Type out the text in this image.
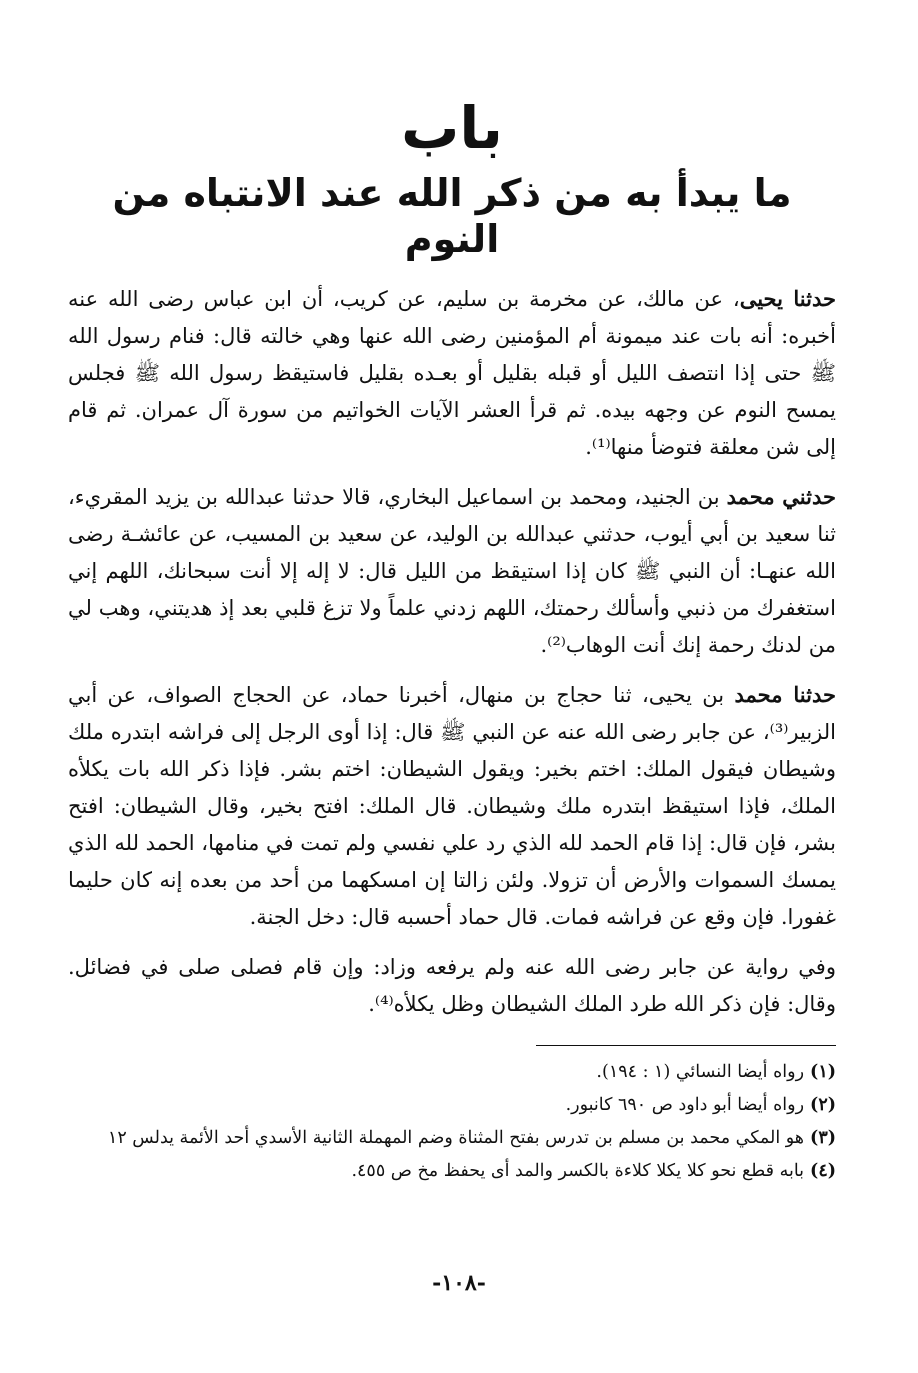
باب
ما يبدأ به من ذكر الله عند الانتباه من النوم

حدثنا يحيى، عن مالك، عن مخرمة بن سليم، عن كريب، أن ابن عباس رضى الله عنه أخبره: أنه بات عند ميمونة أم المؤمنين رضى الله عنها وهي خالته قال: فنام رسول الله ﷺ حتى إذا انتصف الليل أو قبله بقليل أو بعـده بقليل فاستيقظ رسول الله ﷺ فجلس يمسح النوم عن وجهه بيده. ثم قرأ العشر الآيات الخواتيم من سورة آل عمران. ثم قام إلى شن معلقة فتوضأ منها⁽¹⁾.

حدثني محمد بن الجنيد، ومحمد بن اسماعيل البخاري، قالا حدثنا عبدالله بن يزيد المقريء، ثنا سعيد بن أبي أيوب، حدثني عبدالله بن الوليد، عن سعيد بن المسيب، عن عائشـة رضى الله عنهـا: أن النبي ﷺ كان إذا استيقظ من الليل قال: لا إله إلا أنت سبحانك، اللهم إني استغفرك من ذنبي وأسألك رحمتك، اللهم زدني علماً ولا تزغ قلبي بعد إذ هديتني، وهب لي من لدنك رحمة إنك أنت الوهاب⁽²⁾.

حدثنا محمد بن يحيى، ثنا حجاج بن منهال، أخبرنا حماد، عن الحجاج الصواف، عن أبي الزبير⁽³⁾، عن جابر رضى الله عنه عن النبي ﷺ قال: إذا أوى الرجل إلى فراشه ابتدره ملك وشيطان فيقول الملك: اختم بخير: ويقول الشيطان: اختم بشر. فإذا ذكر الله بات يكلأه الملك، فإذا استيقظ ابتدره ملك وشيطان. قال الملك: افتح بخير، وقال الشيطان: افتح بشر، فإن قال: إذا قام الحمد لله الذي رد علي نفسي ولم تمت في منامها، الحمد لله الذي يمسك السموات والأرض أن تزولا. ولئن زالتا إن امسكهما من أحد من بعده إنه كان حليما غفورا. فإن وقع عن فراشه فمات. قال حماد أحسبه قال: دخل الجنة.

وفي رواية عن جابر رضى الله عنه ولم يرفعه وزاد: وإن قام فصلى صلى في فضائل. وقال: فإن ذكر الله طرد الملك الشيطان وظل يكلأه⁽⁴⁾.

(١)رواه أيضا النسائي (١ : ١٩٤).

(٢)رواه أيضا أبو داود ص ٦٩٠ كانبور.

(٣)هو المكي محمد بن مسلم بن تدرس بفتح المثناة وضم المهملة الثانية الأسدي أحد الأئمة يدلس ١٢

(٤)بابه قطع نحو كلا يكلا كلاءة بالكسر والمد أى يحفظ مخ ص ٤٥٥.

-١٠٨-
